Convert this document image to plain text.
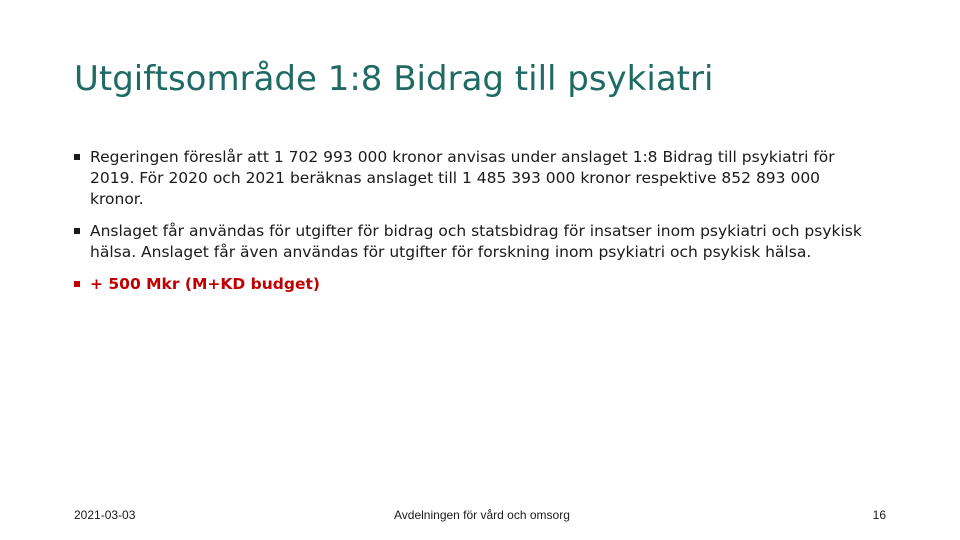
Utgiftsområde 1:8 Bidrag till psykiatri
Regeringen föreslår att 1 702 993 000 kronor anvisas under anslaget 1:8 Bidrag till psykiatri för 2019. För 2020 och 2021 beräknas anslaget till 1 485 393 000 kronor respektive 852 893 000 kronor.
Anslaget får användas för utgifter för bidrag och statsbidrag för insatser inom psykiatri och psykisk hälsa. Anslaget får även användas för utgifter för forskning inom psykiatri och psykisk hälsa.
+ 500 Mkr (M+KD budget)
2021-03-03	Avdelningen för vård och omsorg	16
